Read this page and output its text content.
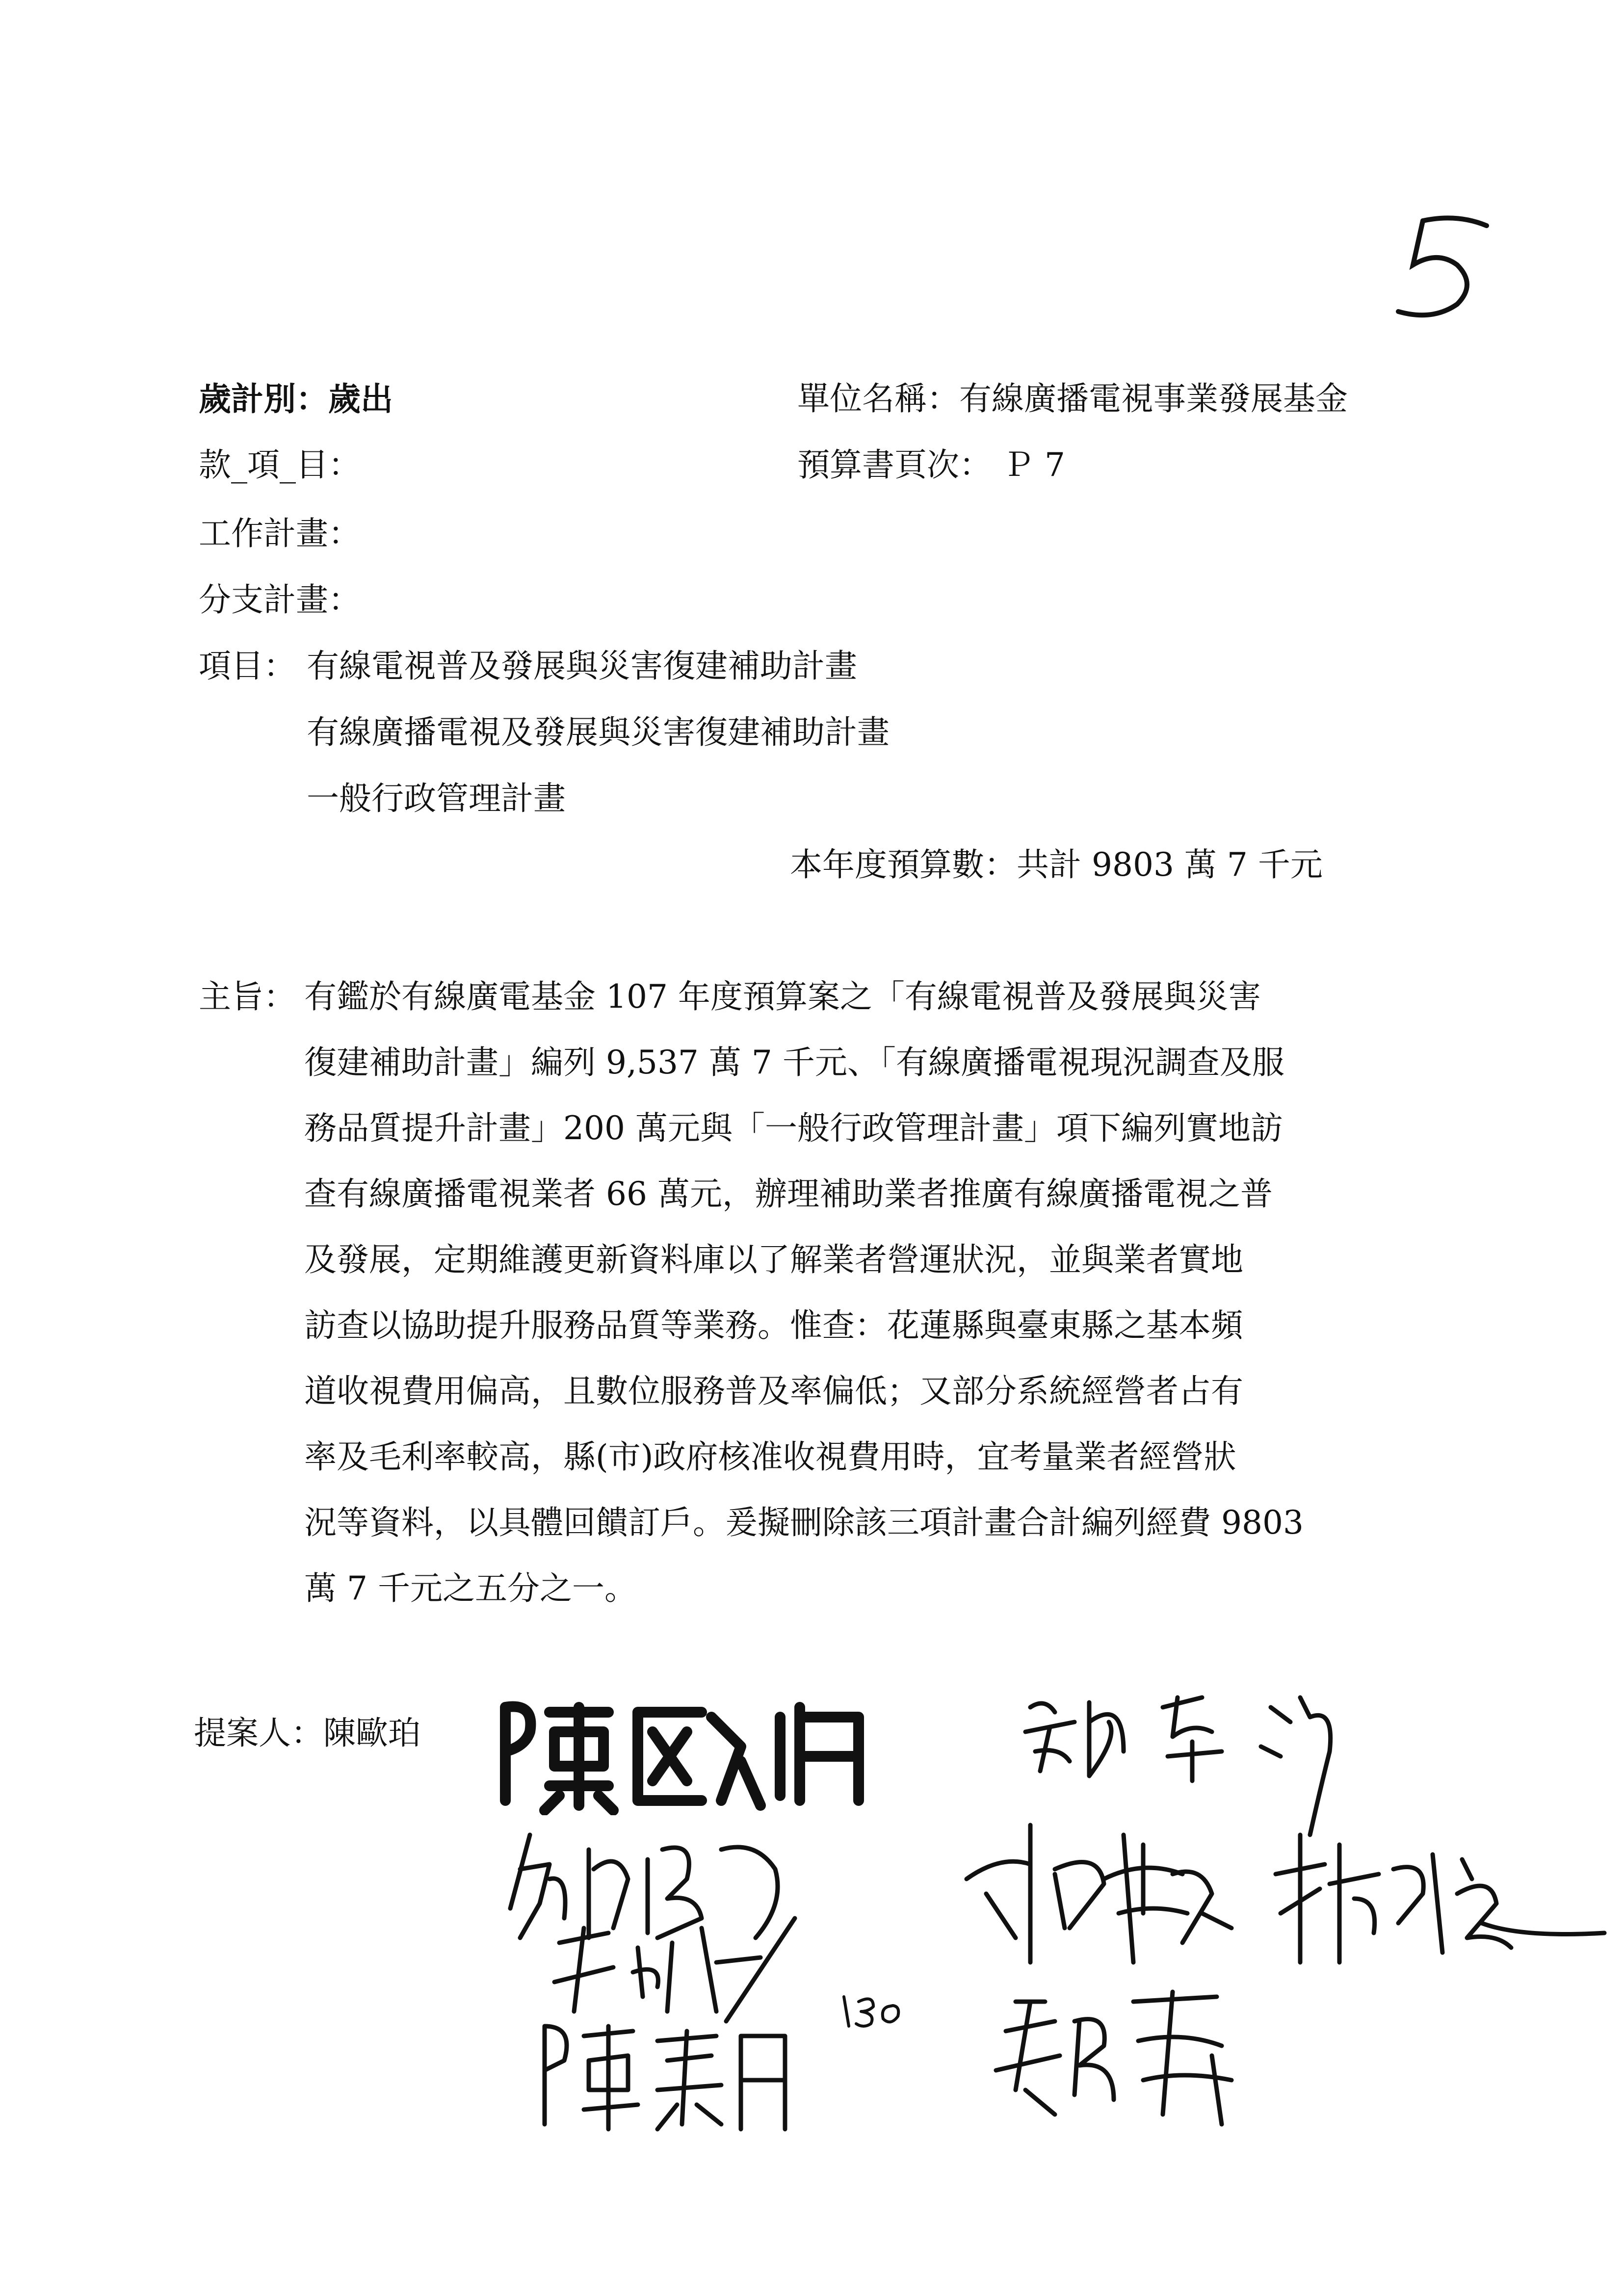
歲計別：歲出	單位名稱：有線廣播電視事業發展基金
款_項_目：	預算書頁次： Ｐ 7
工作計畫：
分支計畫：
項目： 有線電視普及發展與災害復建補助計畫
有線廣播電視及發展與災害復建補助計畫
一般行政管理計畫
本年度預算數：共計 9803 萬 7 千元
主旨： 有鑑於有線廣電基金 107 年度預算案之「有線電視普及發展與災害
復建補助計畫」編列 9,537 萬 7 千元、「有線廣播電視現況調查及服
務品質提升計畫」200 萬元與「一般行政管理計畫」項下編列實地訪
查有線廣播電視業者 66 萬元，辦理補助業者推廣有線廣播電視之普
及發展，定期維護更新資料庫以了解業者營運狀況，並與業者實地
訪查以協助提升服務品質等業務。惟查：花蓮縣與臺東縣之基本頻
道收視費用偏高，且數位服務普及率偏低；又部分系統經營者占有
率及毛利率較高，縣(市)政府核准收視費用時，宜考量業者經營狀
況等資料，以具體回饋訂戶。爰擬刪除該三項計畫合計編列經費 9803
萬 7 千元之五分之一。
提案人：陳歐珀
